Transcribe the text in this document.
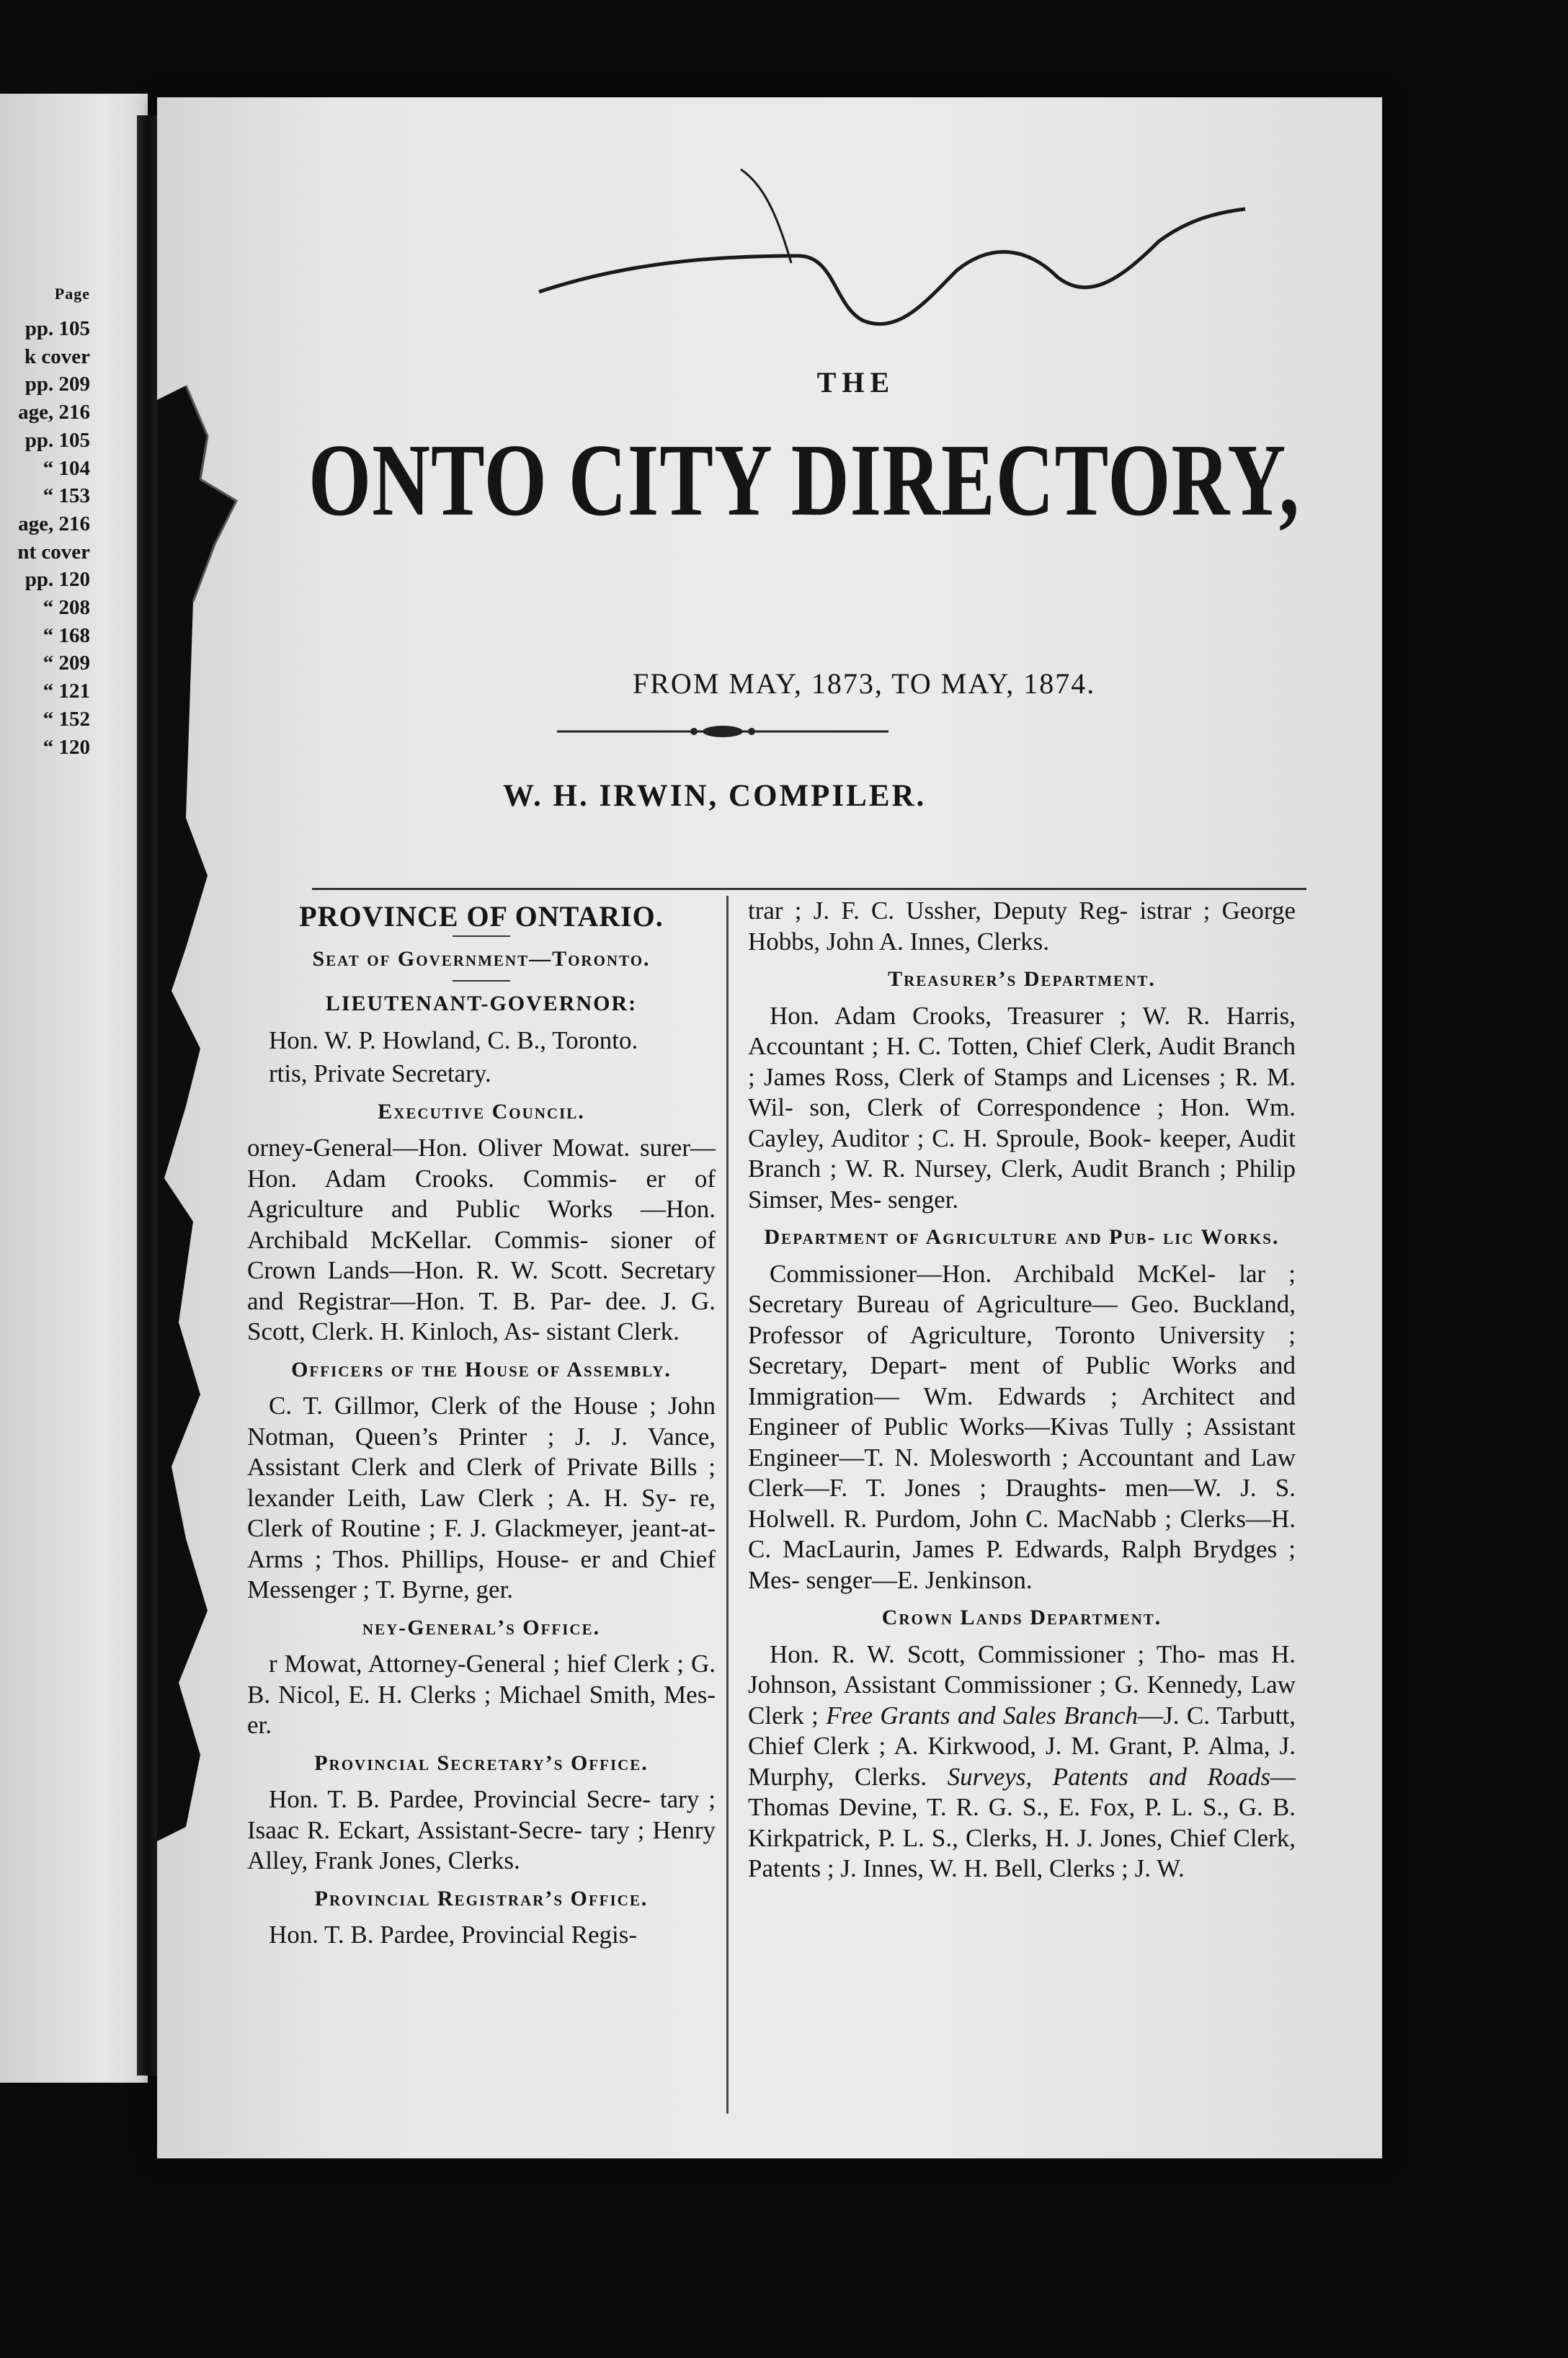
Page
pp. 105
k cover
pp. 209
age, 216
pp. 105
“ 104
“ 153
age, 216
nt cover
pp. 120
“ 208
“ 168
“ 209
“ 121
“ 152
“ 120
THE
ONTO CITY DIRECTORY,
FROM MAY, 1873, TO MAY, 1874.
W. H. IRWIN, COMPILER.
PROVINCE OF ONTARIO.
Seat of Government—Toronto.
LIEUTENANT-GOVERNOR:

Hon. W. P. Howland, C. B., Toronto.

rtis, Private Secretary.

Executive Council.

orney-General—Hon. Oliver Mowat. surer—Hon. Adam Crooks. Commis- er of Agriculture and Public Works —Hon. Archibald McKellar. Commis- sioner of Crown Lands—Hon. R. W. Scott. Secretary and Registrar—Hon. T. B. Par- dee. J. G. Scott, Clerk. H. Kinloch, As- sistant Clerk.

Officers of the House of Assembly.

C. T. Gillmor, Clerk of the House ; John Notman, Queen’s Printer ; J. J. Vance, Assistant Clerk and Clerk of Private Bills ; lexander Leith, Law Clerk ; A. H. Sy- re, Clerk of Routine ; F. J. Glackmeyer, jeant-at-Arms ; Thos. Phillips, House- er and Chief Messenger ; T. Byrne, ger.

ney-General’s Office.

r Mowat, Attorney-General ; hief Clerk ; G. B. Nicol, E. H. Clerks ; Michael Smith, Mes- er.

Provincial Secretary’s Office.

Hon. T. B. Pardee, Provincial Secre- tary ; Isaac R. Eckart, Assistant-Secre- tary ; Henry Alley, Frank Jones, Clerks.

Provincial Registrar’s Office.

Hon. T. B. Pardee, Provincial Regis-

trar ; J. F. C. Ussher, Deputy Reg- istrar ; George Hobbs, John A. Innes, Clerks.

Treasurer’s Department.

Hon. Adam Crooks, Treasurer ; W. R. Harris, Accountant ; H. C. Totten, Chief Clerk, Audit Branch ; James Ross, Clerk of Stamps and Licenses ; R. M. Wil- son, Clerk of Correspondence ; Hon. Wm. Cayley, Auditor ; C. H. Sproule, Book- keeper, Audit Branch ; W. R. Nursey, Clerk, Audit Branch ; Philip Simser, Mes- senger.

Department of Agriculture and Pub- lic Works.

Commissioner—Hon. Archibald McKel- lar ; Secretary Bureau of Agriculture— Geo. Buckland, Professor of Agriculture, Toronto University ; Secretary, Depart- ment of Public Works and Immigration— Wm. Edwards ; Architect and Engineer of Public Works—Kivas Tully ; Assistant Engineer—T. N. Molesworth ; Accountant and Law Clerk—F. T. Jones ; Draughts- men—W. J. S. Holwell. R. Purdom, John C. MacNabb ; Clerks—H. C. MacLaurin, James P. Edwards, Ralph Brydges ; Mes- senger—E. Jenkinson.

Crown Lands Department.

Hon. R. W. Scott, Commissioner ; Tho- mas H. Johnson, Assistant Commissioner ; G. Kennedy, Law Clerk ; Free Grants and Sales Branch—J. C. Tarbutt, Chief Clerk ; A. Kirkwood, J. M. Grant, P. Alma, J. Murphy, Clerks. Surveys, Patents and Roads—Thomas Devine, T. R. G. S., E. Fox, P. L. S., G. B. Kirkpatrick, P. L. S., Clerks, H. J. Jones, Chief Clerk, Patents ; J. Innes, W. H. Bell, Clerks ; J. W.
